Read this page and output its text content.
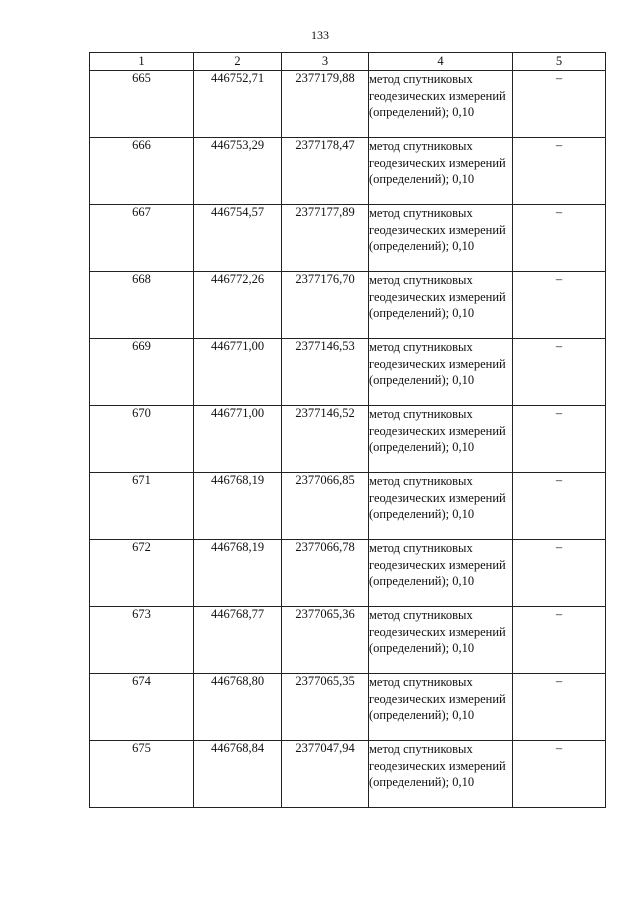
133
1	2	3	4	5
665	446752,71	2377179,88	метод спутниковых геодезических измерений (определений); 0,10	–
666	446753,29	2377178,47	метод спутниковых геодезических измерений (определений); 0,10	–
667	446754,57	2377177,89	метод спутниковых геодезических измерений (определений); 0,10	–
668	446772,26	2377176,70	метод спутниковых геодезических измерений (определений); 0,10	–
669	446771,00	2377146,53	метод спутниковых геодезических измерений (определений); 0,10	–
670	446771,00	2377146,52	метод спутниковых геодезических измерений (определений); 0,10	–
671	446768,19	2377066,85	метод спутниковых геодезических измерений (определений); 0,10	–
672	446768,19	2377066,78	метод спутниковых геодезических измерений (определений); 0,10	–
673	446768,77	2377065,36	метод спутниковых геодезических измерений (определений); 0,10	–
674	446768,80	2377065,35	метод спутниковых геодезических измерений (определений); 0,10	–
675	446768,84	2377047,94	метод спутниковых геодезических измерений (определений); 0,10	–
